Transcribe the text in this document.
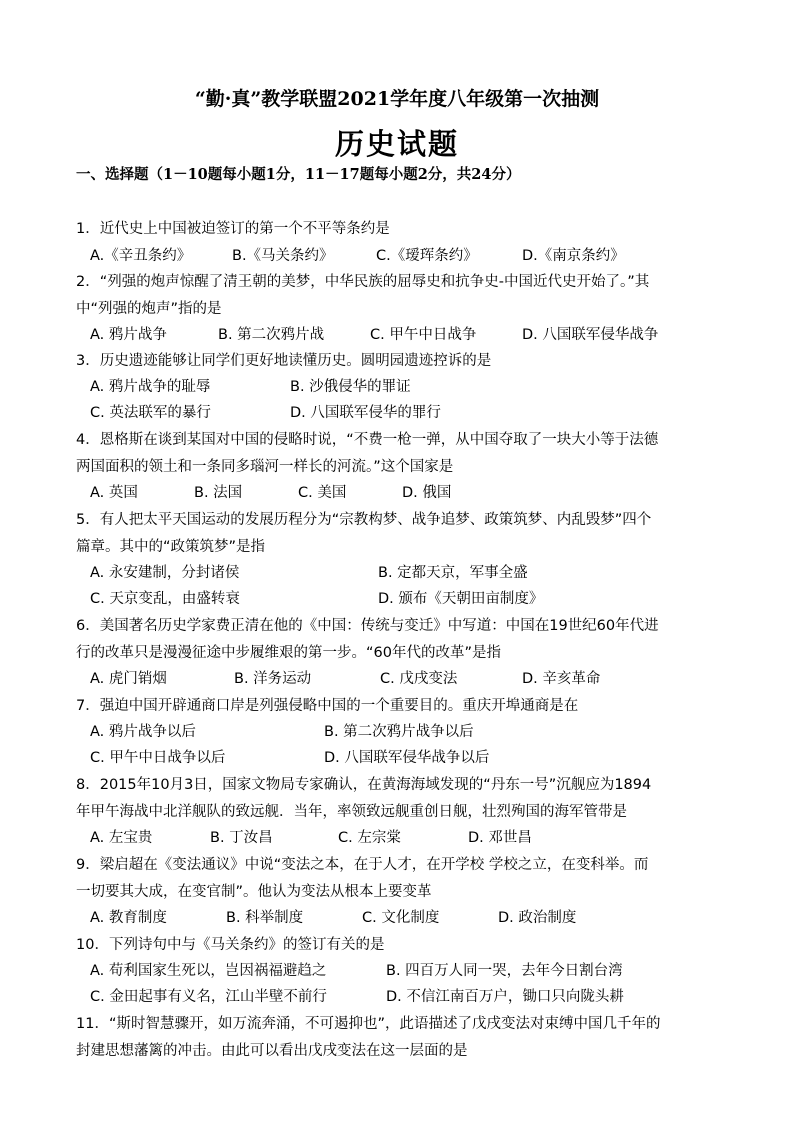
“勤·真”教学联盟2021学年度八年级第一次抽测
历史试题
一、选择题（1－10题每小题1分，11－17题每小题2分，共24分）
1．近代史上中国被迫签订的第一个不平等条约是
A.《辛丑条约》	B.《马关条约》	C.《瑷珲条约》	D.《南京条约》
2．“列强的炮声惊醒了清王朝的美梦，中华民族的屈辱史和抗争史-中国近代史开始了。”其
中“列强的炮声”指的是
A. 鸦片战争	B. 第二次鸦片战	C. 甲午中日战争	D. 八国联军侵华战争
3．历史遗迹能够让同学们更好地读懂历史。圆明园遗迹控诉的是
A. 鸦片战争的耻辱	B. 沙俄侵华的罪证
C. 英法联军的暴行	D. 八国联军侵华的罪行
4．恩格斯在谈到某国对中国的侵略时说，“不费一枪一弹，从中国夺取了一块大小等于法德
两国面积的领土和一条同多瑙河一样长的河流。”这个国家是
A. 英国	B. 法国	C. 美国	D. 俄国
5．有人把太平天国运动的发展历程分为“宗教构梦、战争追梦、政策筑梦、内乱毁梦”四个
篇章。其中的“政策筑梦”是指
A. 永安建制，分封诸侯	B. 定都天京，军事全盛
C. 天京变乱，由盛转衰	D. 颁布《天朝田亩制度》
6．美国著名历史学家费正清在他的《中国：传统与变迁》中写道：中国在19世纪60年代进
行的改革只是漫漫征途中步履维艰的第一步。“60年代的改革”是指
A. 虎门销烟	B. 洋务运动	C. 戊戌变法	D. 辛亥革命
7．强迫中国开辟通商口岸是列强侵略中国的一个重要目的。重庆开埠通商是在
A. 鸦片战争以后	B. 第二次鸦片战争以后
C. 甲午中日战争以后	D. 八国联军侵华战争以后
8．2015年10月3日，国家文物局专家确认，在黄海海域发现的“丹东一号”沉舰应为1894
年甲午海战中北洋舰队的致远舰．当年，率领致远舰重创日舰，壮烈殉国的海军管带是
A. 左宝贵	B. 丁汝昌	C. 左宗棠	D. 邓世昌
9．梁启超在《变法通议》中说“变法之本，在于人才，在开学校 学校之立，在变科举。而
一切要其大成，在变官制”。他认为变法从根本上要变革
A. 教育制度	B. 科举制度	C. 文化制度	D. 政治制度
10．下列诗句中与《马关条约》的签订有关的是
A. 苟利国家生死以，岂因祸福避趋之	B. 四百万人同一哭，去年今日割台湾
C. 金田起事有义名，江山半壁不前行	D. 不信江南百万户，锄口只向陇头耕
11．“斯时智慧骤开，如万流奔涌，不可遏抑也”，此语描述了戊戌变法对束缚中国几千年的
封建思想藩篱的冲击。由此可以看出戊戌变法在这一层面的是
